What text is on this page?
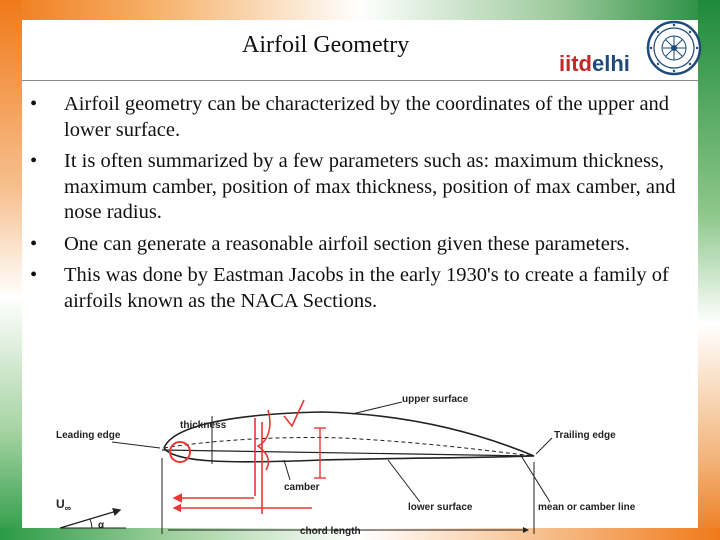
Airfoil Geometry
iitdelhi
• Airfoil geometry can be characterized by the coordinates of the upper and lower surface.
• It is often summarized by a few parameters such as: maximum thickness, maximum camber, position of max thickness, position of max camber, and nose radius.
• One can generate a reasonable airfoil section given these parameters.
• This was done by Eastman Jacobs in the early 1930's to create a family of airfoils known as the NACA Sections.
upper surface
Leading edge
thickness
Trailing edge
camber
$U_\infty$
α
lower surface	mean or camber line
chord length
